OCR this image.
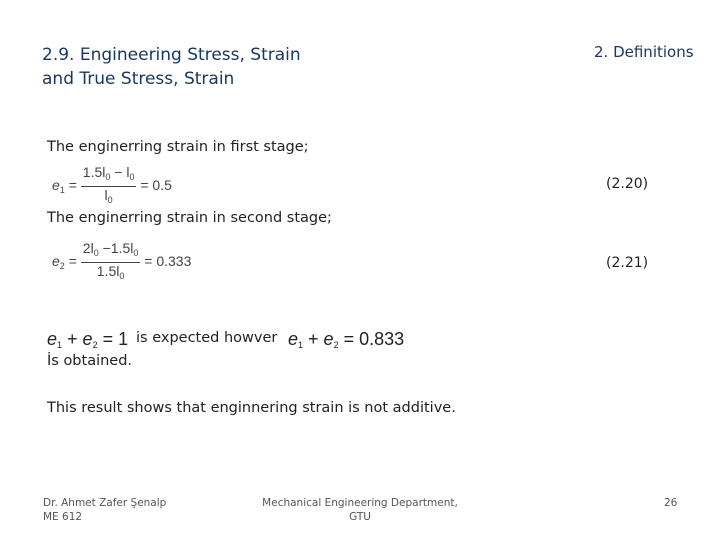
2.9. Engineering Stress, Strain
and True Stress, Strain
2. Definitions
The enginerring strain in first stage;
$e_1 = \frac{1.5l_0 - l_0}{l_0} = 0.5$	(2.20)
The enginerring strain in second stage;
$e_2 = \frac{2l_0 -1.5l_0}{1.5l_0} = 0.333$	(2.21)
$e_1 + e_2 = 1$ is expected howver $e_1 + e_2 = 0.833$
İs obtained.
This result shows that enginnering strain is not additive.
Dr. Ahmet Zafer Şenalp
ME 612
Mechanical Engineering Department,
GTU
26
